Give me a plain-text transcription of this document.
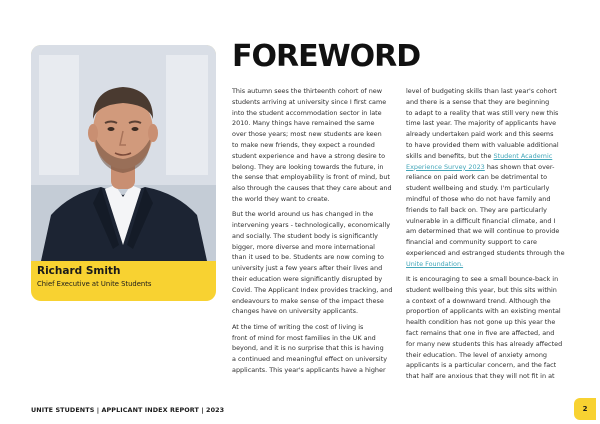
Richard Smith
Chief Executive at Unite Students
FOREWORD

This autumn sees the thirteenth cohort of new
students arriving at university since I first came
into the student accommodation sector in late
2010. Many things have remained the same
over those years; most new students are keen
to make new friends, they expect a rounded
student experience and have a strong desire to
belong. They are looking towards the future, in
the sense that employability is front of mind, but
also through the causes that they care about and
the world they want to create.

But the world around us has changed in the
intervening years - technologically, economically
and socially. The student body is significantly
bigger, more diverse and more international
than it used to be. Students are now coming to
university just a few years after their lives and
their education were significantly disrupted by
Covid. The Applicant Index provides tracking, and
endeavours to make sense of the impact these
changes have on university applicants.

At the time of writing the cost of living is
front of mind for most families in the UK and
beyond, and it is no surprise that this is having
a continued and meaningful effect on university
applicants. This year's applicants have a higher

level of budgeting skills than last year's cohort
and there is a sense that they are beginning
to adapt to a reality that was still very new this
time last year. The majority of applicants have
already undertaken paid work and this seems
to have provided them with valuable additional
skills and benefits, but the Student Academic
Experience Survey 2023 has shown that over-
reliance on paid work can be detrimental to
student wellbeing and study. I'm particularly
mindful of those who do not have family and
friends to fall back on. They are particularly
vulnerable in a difficult financial climate, and I
am determined that we will continue to provide
financial and community support to care
experienced and estranged students through the
Unite Foundation.

It is encouraging to see a small bounce-back in
student wellbeing this year, but this sits within
a context of a downward trend. Although the
proportion of applicants with an existing mental
health condition has not gone up this year the
fact remains that one in five are affected, and
for many new students this has already affected
their education. The level of anxiety among
applicants is a particular concern, and the fact
that half are anxious that they will not fit in at

UNITE STUDENTS | APPLICANT INDEX REPORT | 2023	2
